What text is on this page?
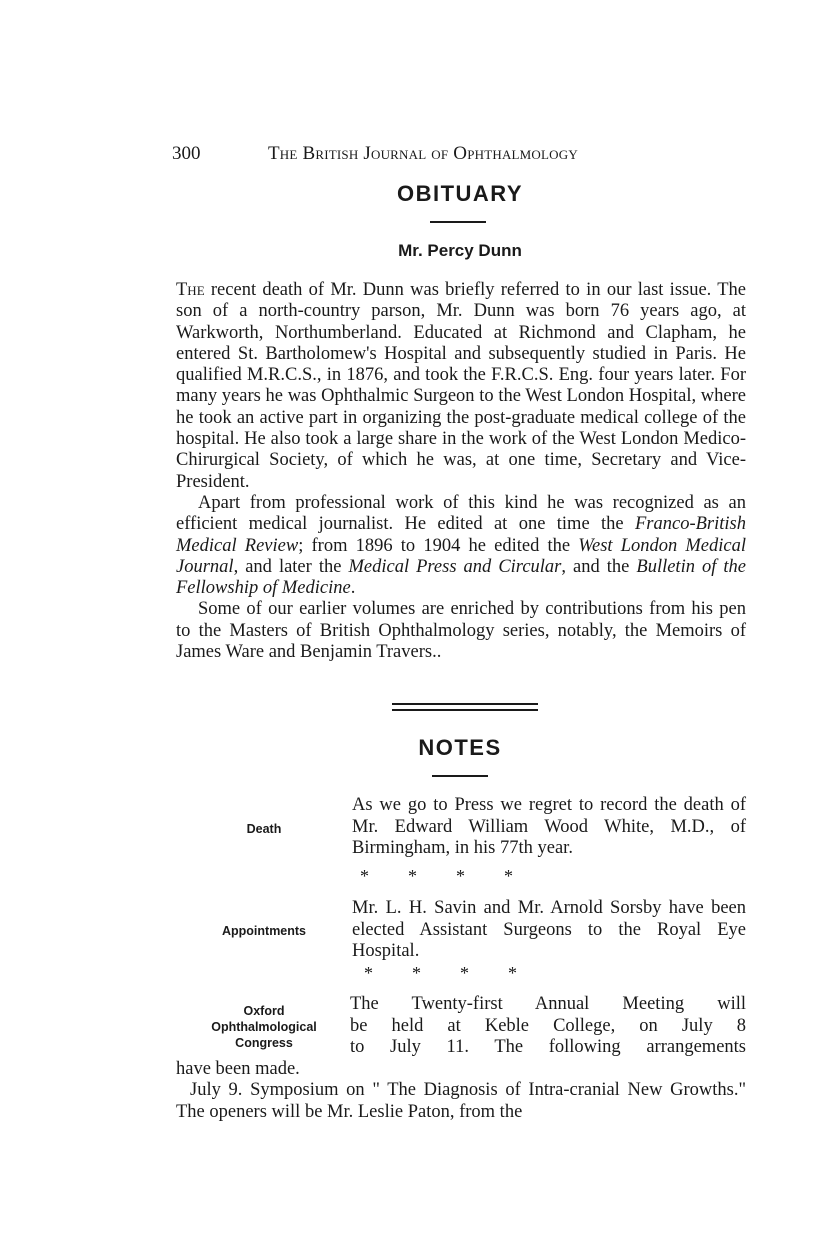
300	The British Journal of Ophthalmology
OBITUARY
Mr. Percy Dunn

The recent death of Mr. Dunn was briefly referred to in our last issue. The son of a north-country parson, Mr. Dunn was born 76 years ago, at Warkworth, Northumberland. Educated at Richmond and Clapham, he entered St. Bartholomew's Hospital and subsequently studied in Paris. He qualified M.R.C.S., in 1876, and took the F.R.C.S. Eng. four years later. For many years he was Ophthalmic Surgeon to the West London Hospital, where he took an active part in organizing the post-graduate medical college of the hospital. He also took a large share in the work of the West London Medico-Chirurgical Society, of which he was, at one time, Secretary and Vice-President.

Apart from professional work of this kind he was recognized as an efficient medical journalist. He edited at one time the Franco-British Medical Review; from 1896 to 1904 he edited the West London Medical Journal, and later the Medical Press and Circular, and the Bulletin of the Fellowship of Medicine.

Some of our earlier volumes are enriched by contributions from his pen to the Masters of British Ophthalmology series, notably, the Memoirs of James Ware and Benjamin Travers..

NOTES
Death

As we go to Press we regret to record the death of Mr. Edward William Wood White, M.D., of Birmingham, in his 77th year.

* * * *
Appointments

Mr. L. H. Savin and Mr. Arnold Sorsby have been elected Assistant Surgeons to the Royal Eye Hospital.

* * * *
Oxford
Ophthalmological
Congress

The Twenty-first Annual Meeting will

be held at Keble College, on July 8

to July 11. The following arrangements

have been made.

July 9. Symposium on " The Diagnosis of Intra-cranial New Growths." The openers will be Mr. Leslie Paton, from the
